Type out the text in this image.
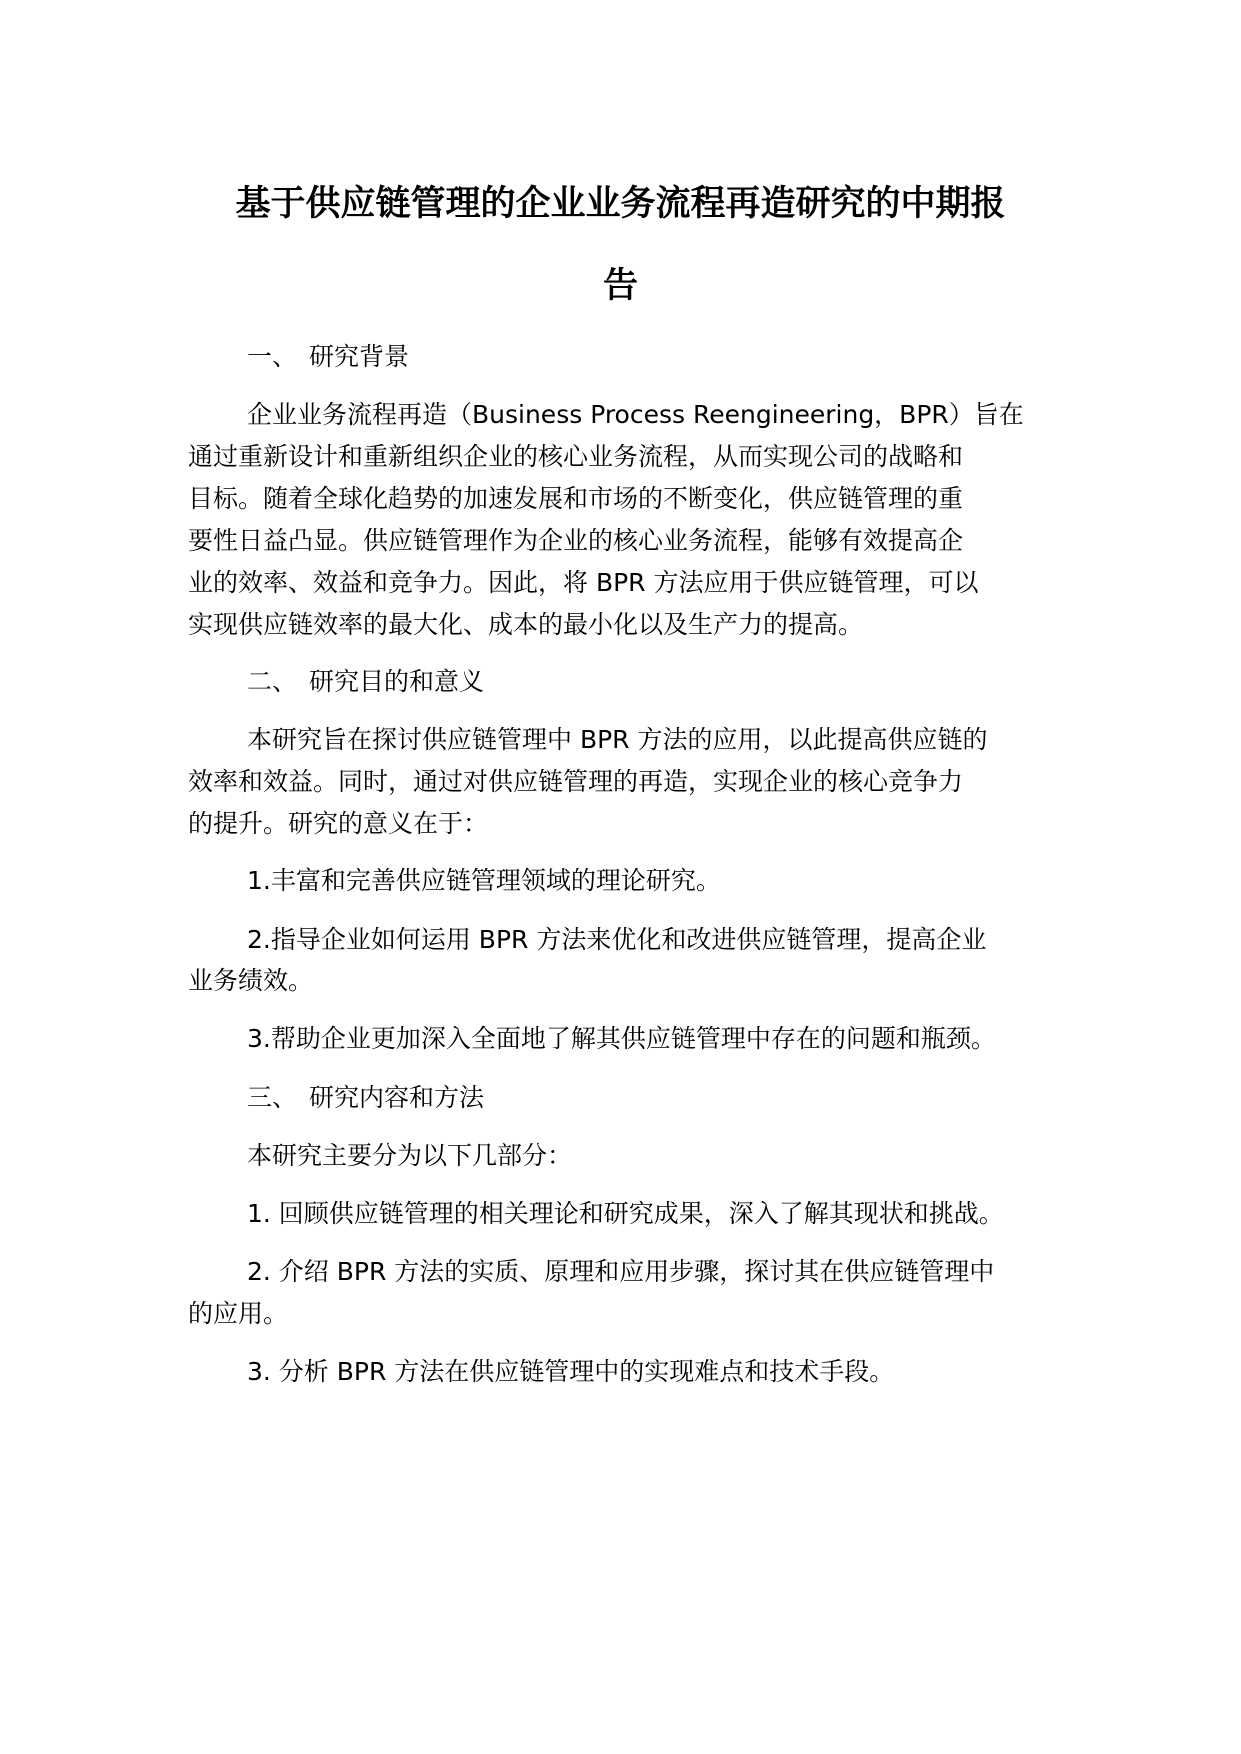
基于供应链管理的企业业务流程再造研究的中期报
告
一、 研究背景
企业业务流程再造（Business Process Reengineering，BPR）旨在
通过重新设计和重新组织企业的核心业务流程，从而实现公司的战略和
目标。随着全球化趋势的加速发展和市场的不断变化，供应链管理的重
要性日益凸显。供应链管理作为企业的核心业务流程，能够有效提高企
业的效率、效益和竞争力。因此，将 BPR 方法应用于供应链管理，可以
实现供应链效率的最大化、成本的最小化以及生产力的提高。
二、 研究目的和意义
本研究旨在探讨供应链管理中 BPR 方法的应用，以此提高供应链的
效率和效益。同时，通过对供应链管理的再造，实现企业的核心竞争力
的提升。研究的意义在于：
1.丰富和完善供应链管理领域的理论研究。
2.指导企业如何运用 BPR 方法来优化和改进供应链管理，提高企业
业务绩效。
3.帮助企业更加深入全面地了解其供应链管理中存在的问题和瓶颈。
三、 研究内容和方法
本研究主要分为以下几部分：
1. 回顾供应链管理的相关理论和研究成果，深入了解其现状和挑战。
2. 介绍 BPR 方法的实质、原理和应用步骤，探讨其在供应链管理中
的应用。
3. 分析 BPR 方法在供应链管理中的实现难点和技术手段。
